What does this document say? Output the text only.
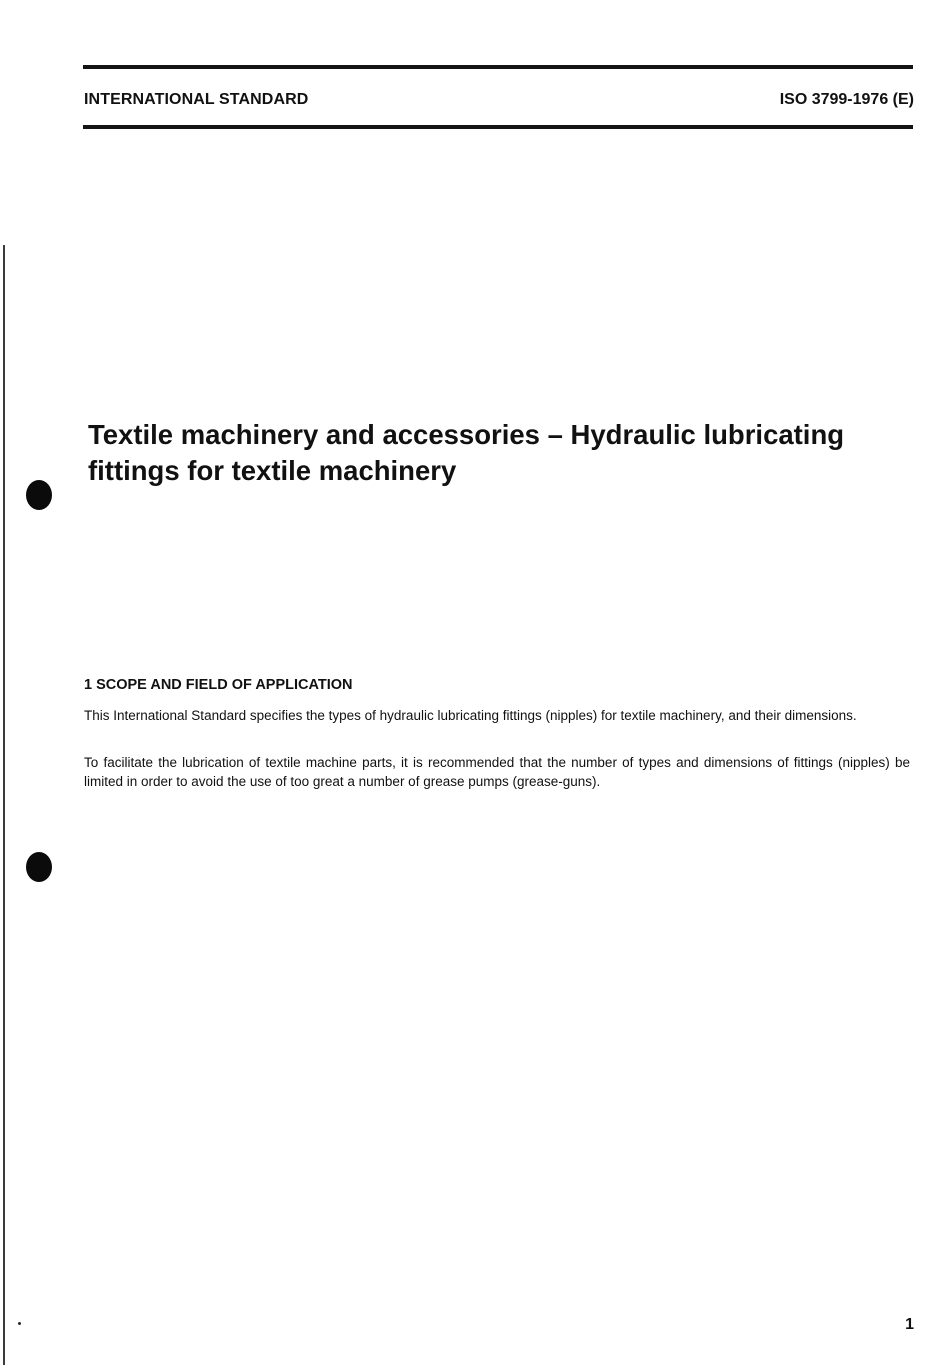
INTERNATIONAL STANDARD	ISO 3799-1976 (E)
Textile machinery and accessories – Hydraulic lubricating
fittings for textile machinery
1 SCOPE AND FIELD OF APPLICATION

This International Standard specifies the types of hydraulic lubricating fittings (nipples) for textile machinery, and their dimensions.

To facilitate the lubrication of textile machine parts, it is recommended that the number of types and dimensions of fittings (nipples) be limited in order to avoid the use of too great a number of grease pumps (grease-guns).

1
